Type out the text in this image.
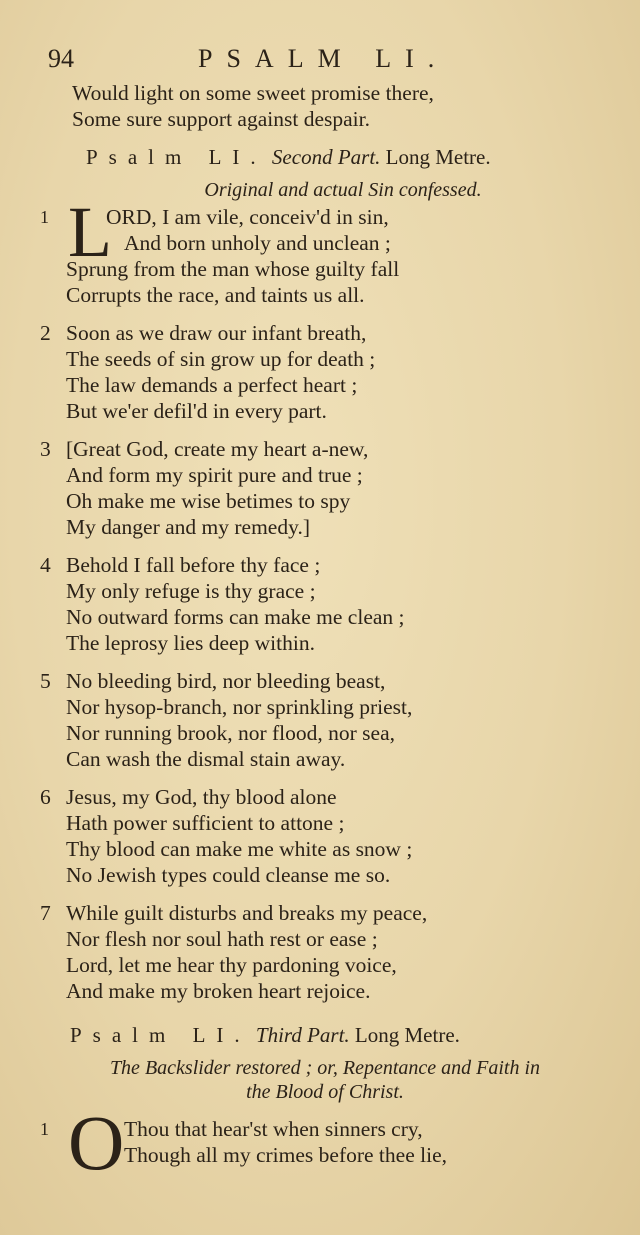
94	PSALM LI.
Would light on some sweet promise there,
Some sure support against despair.
Psalm LI. Second Part. Long Metre.
Original and actual Sin confessed.
1 L
ORD, I am vile, conceiv'd in sin,
And born unholy and unclean ;
Sprung from the man whose guilty fall
Corrupts the race, and taints us all.
2 Soon as we draw our infant breath,
The seeds of sin grow up for death ;
The law demands a perfect heart ;
But we'er defil'd in every part.
3 [Great God, create my heart a-new,
And form my spirit pure and true ;
Oh make me wise betimes to spy
My danger and my remedy.]
4 Behold I fall before thy face ;
My only refuge is thy grace ;
No outward forms can make me clean ;
The leprosy lies deep within.
5 No bleeding bird, nor bleeding beast,
Nor hysop-branch, nor sprinkling priest,
Nor running brook, nor flood, nor sea,
Can wash the dismal stain away.
6 Jesus, my God, thy blood alone
Hath power sufficient to attone ;
Thy blood can make me white as snow ;
No Jewish types could cleanse me so.
7 While guilt disturbs and breaks my peace,
Nor flesh nor soul hath rest or ease ;
Lord, let me hear thy pardoning voice,
And make my broken heart rejoice.
Psalm LI. Third Part. Long Metre.
The Backslider restored ; or, Repentance and Faith in
the Blood of Christ.
1 O Thou that hear'st when sinners cry,
Though all my crimes before thee lie,
